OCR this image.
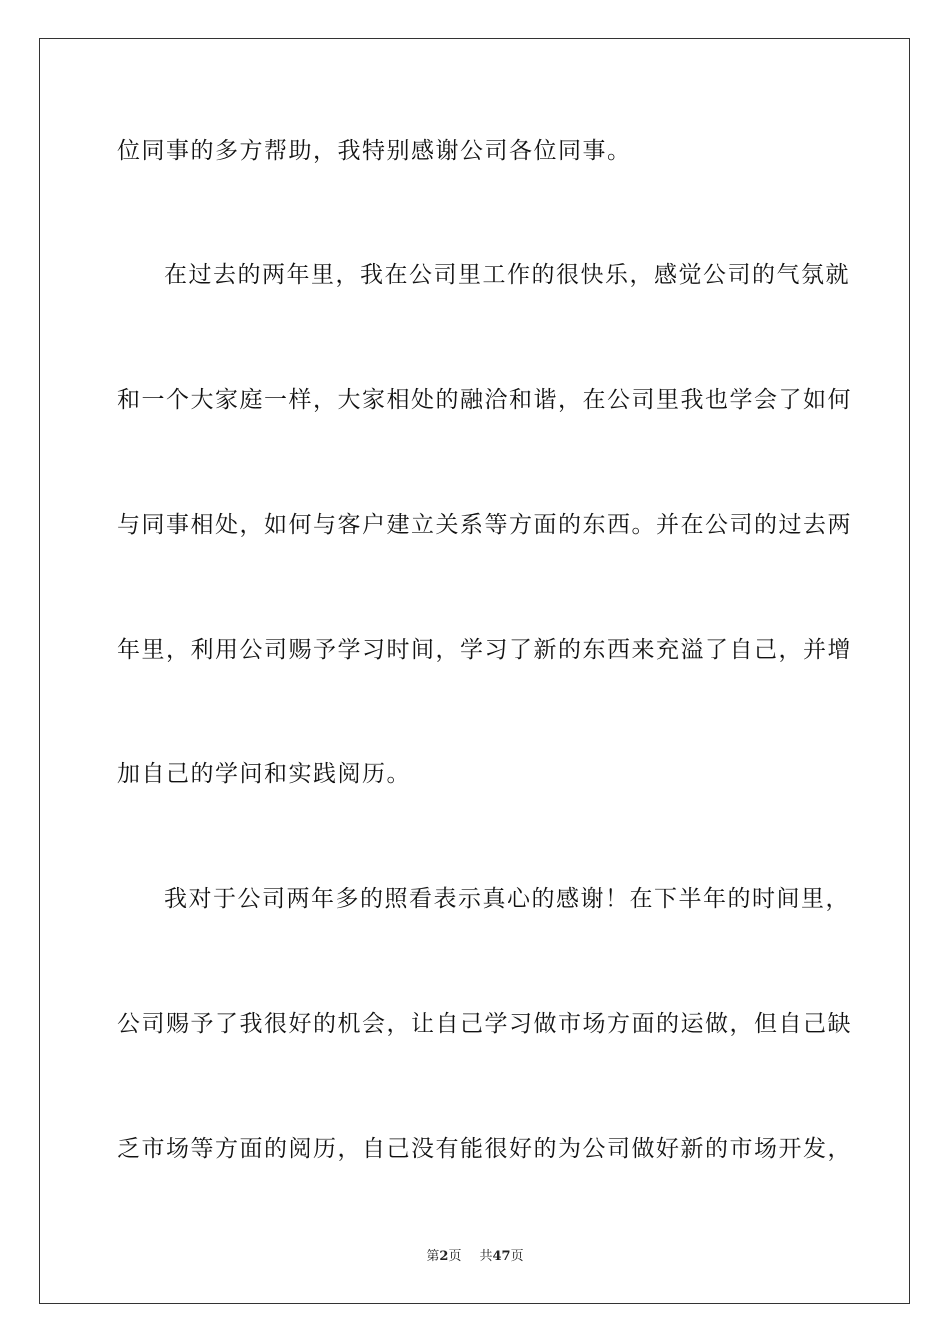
位同事的多方帮助，我特别感谢公司各位同事。
在过去的两年里，我在公司里工作的很快乐，感觉公司的气氛就
和一个大家庭一样，大家相处的融洽和谐，在公司里我也学会了如何
与同事相处，如何与客户建立关系等方面的东西。并在公司的过去两
年里，利用公司赐予学习时间，学习了新的东西来充溢了自己，并增
加自己的学问和实践阅历。
我对于公司两年多的照看表示真心的感谢！在下半年的时间里，
公司赐予了我很好的机会，让自己学习做市场方面的运做，但自己缺
乏市场等方面的阅历，自己没有能很好的为公司做好新的市场开发，
第2页 共47页
